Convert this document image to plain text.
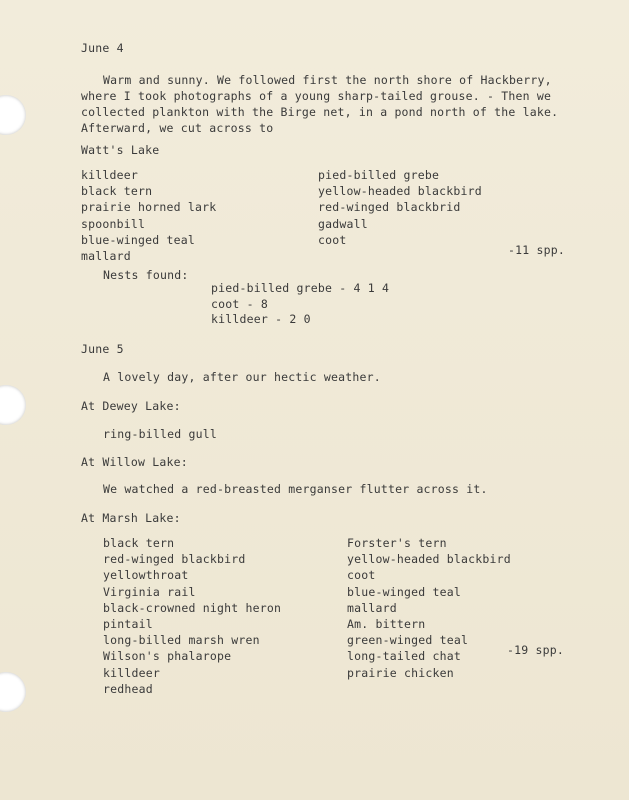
June 4
Warm and sunny. We followed first the north shore of Hackberry,
where I took photographs of a young sharp-tailed grouse. - Then we
collected plankton with the Birge net, in a pond north of the lake.
Afterward, we cut across to
Watt's Lake
killdeer
black tern
prairie horned lark
spoonbill
blue-winged teal
mallard
pied-billed grebe
yellow-headed blackbird
red-winged blackbrid
gadwall
coot
-11 spp.
Nests found:
pied-billed grebe - 4 1 4
coot - 8
killdeer - 2 0
June 5
A lovely day, after our hectic weather.
At Dewey Lake:
ring-billed gull
At Willow Lake:
We watched a red-breasted merganser flutter across it.
At Marsh Lake:
black tern
red-winged blackbird
yellowthroat
Virginia rail
black-crowned night heron
pintail
long-billed marsh wren
Wilson's phalarope
killdeer
redhead
Forster's tern
yellow-headed blackbird
coot
blue-winged teal
mallard
Am. bittern
green-winged teal
long-tailed chat
prairie chicken
-19 spp.
